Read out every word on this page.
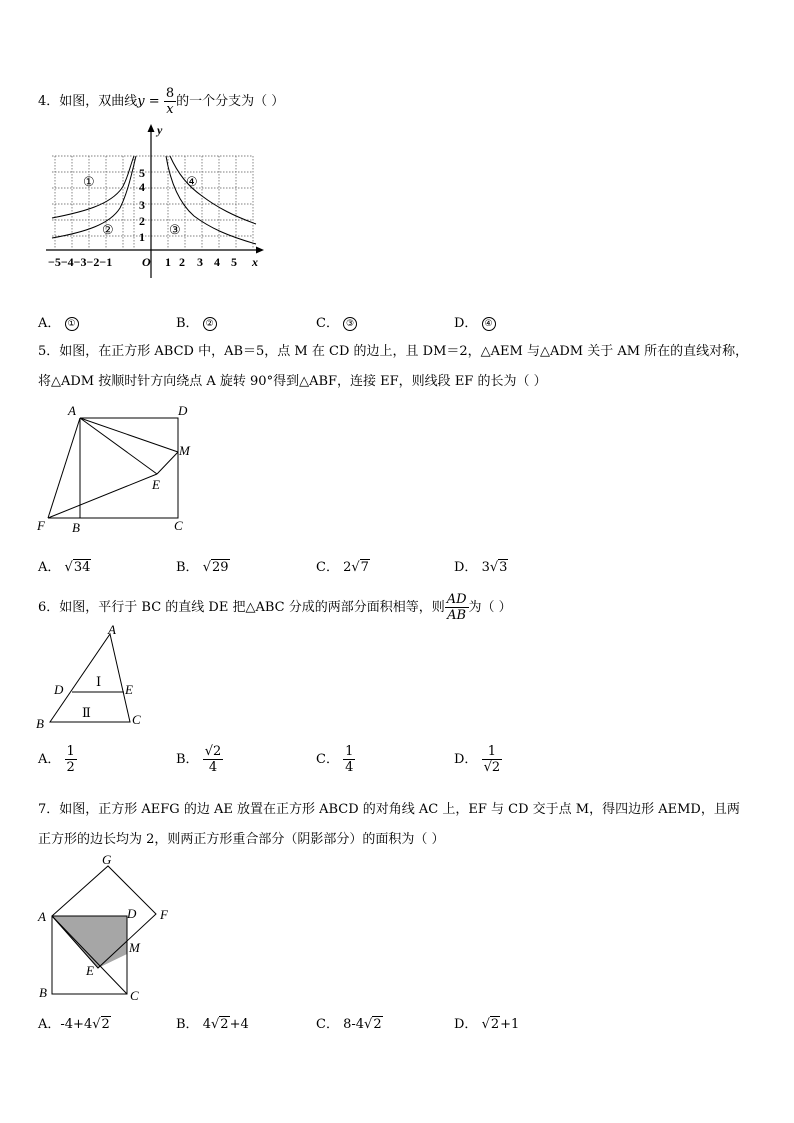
4．如图，双曲线$y = \frac{8}{x}$ 的一个分支为（ ）
y
x
①
②	③
④
5
4
3
2
1
−5−4−3−2−1 O 1 2 3 4 5
A． ①	B． ②	C． ③	D． ④
5．如图，在正方形 ABCD 中，AB＝5，点 M 在 CD 的边上，且 DM＝2，△AEM 与△ADM 关于 AM 所在的直线对称，
将△ADM 按顺时针方向绕点 A 旋转 90°得到△ABF，连接 EF，则线段 EF 的长为（ ）
A	D
M
E
F B	C
A． √34	B． √29	C． 2√7	D． 3√3
6．如图，平行于 BC 的直线 DE 把△ABC 分成的两部分面积相等，则 $\frac{AD}{AB}$ 为（ ）
A
D	E
B	C
Ⅰ
Ⅱ
A． $\frac{1}{2}$	B． $\frac{√2}{4}$	C． $\frac{1}{4}$	D． $\frac{1}{√2}$
7．如图，正方形 AEFG 的边 AE 放置在正方形 ABCD 的对角线 AC 上，EF 与 CD 交于点 M，得四边形 AEMD，且两
正方形的边长均为 2，则两正方形重合部分（阴影部分）的面积为（ ）
G
A	D F
M
E
B	C
A．-4+4√2	B． 4√2+4	C． 8-4√2	D． √2+1
